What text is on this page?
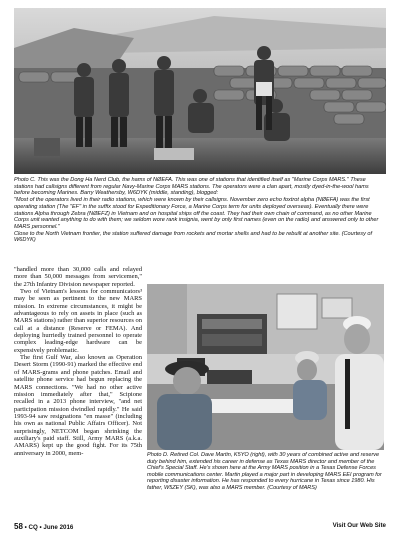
Photo C. This was the Dong Ha Nerd Club, the hams of NØEFA. This was one of stations that identified itself as "Marine Corps MARS." These stations had callsigns different from regular Navy-Marine Corps MARS stations. The operators were a clan apart, mostly dyed-in-the-wool hams before becoming Marines. Barry Weathersby, W6DYK (middle, standing), blogged:

"Most of the operators lived in their radio stations, which were known by their callsigns. November zero echo foxtrot alpha (NØEFA) was the first operating station (The "EF" in the suffix stood for Expeditionary Force, a Marine Corps term for units deployed overseas). Eventually there were stations Alpha through Zebra (NØEFZ) in Vietnam and on hospital ships off the coast. They had their own chain of command, as no other Marine Corps unit wanted anything to do with them; we seldom wore rank insignia, went by only first names (even on the radio) and answered only to other MARS personnel."

Close to the North Vietnam frontier, the station suffered damage from rockets and mortar shells and had to be rebuilt at another site. (Courtesy of W6DYK)

"handled more than 30,000 calls and relayed more than 50,000 messages from servicemen," the 27th Infantry Division newspaper reported.

Two of Vietnam's lessons for communicators³ may be seen as pertinent to the new MARS mission. In extreme circumstances, it might be advantageous to rely on assets in place (such as MARS stations) rather than superior resources on call at a distance (Reserve or FEMA). And deploying hurriedly trained personnel to operate complex leading-edge hardware can be expensively problematic.

The first Gulf War, also known as Operation Desert Storm (1990-91) marked the effective end of MARS-grams and phone patches. Email and satellite phone service had begun replacing the MARS connections. "We had no other active mission immediately after that," Scipione recalled in a 2013 phone interview, "and net participation mission dwindled rapidly." He said 1993-94 saw resignations "en masse" (including his own as national Public Affairs Officer). Not surprisingly, NETCOM began shrinking the auxiliary's paid staff. Still, Army MARS (a.k.a. AMARS) kept up the good fight. For its 75th anniversary in 2000, mem-	Photo D. Retired Col. Dave Martin, K5YO (right), with 30 years of combined active and reserve duty behind him, extended his career in defense as Texas MARS director and member of the Chief's Special Staff. He's shown here at the Army MARS position in a Texas Defense Forces mobile communications center. Martin played a major part in developing MARS EEI program for reporting disaster information. He has responded to every hurricane in Texas since 1980. His father, W5ZEY (SK), was also a MARS member. (Courtesy of MARS)

58 • CQ • June 2016	Visit Our Web Site
